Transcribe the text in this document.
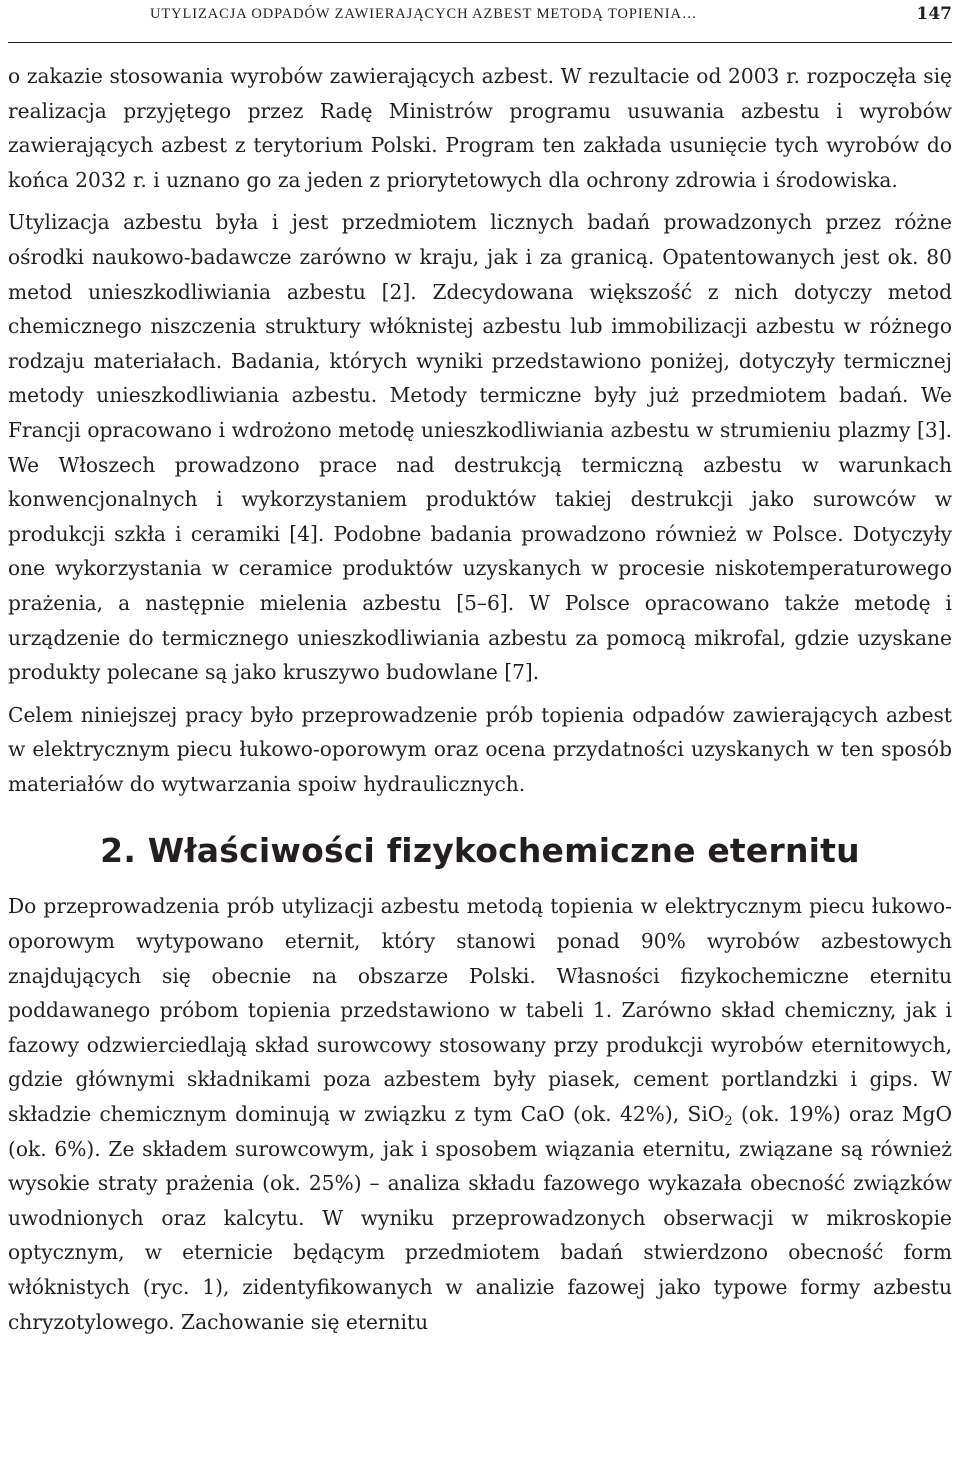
UTYLIZACJA ODPADÓW ZAWIERAJĄCYCH AZBEST METODĄ TOPIENIA…	147

o zakazie stosowania wyrobów zawierających azbest. W rezultacie od 2003 r. rozpoczęła się realizacja przyjętego przez Radę Ministrów programu usuwania azbestu i wyrobów zawierających azbest z terytorium Polski. Program ten zakłada usunięcie tych wyrobów do końca 2032 r. i uznano go za jeden z priorytetowych dla ochrony zdrowia i środowiska.

Utylizacja azbestu była i jest przedmiotem licznych badań prowadzonych przez różne ośrodki naukowo-badawcze zarówno w kraju, jak i za granicą. Opatentowanych jest ok. 80 metod unieszkodliwiania azbestu [2]. Zdecydowana większość z nich dotyczy metod chemicznego niszczenia struktury włóknistej azbestu lub immobilizacji azbestu w różnego rodzaju materiałach. Badania, których wyniki przedstawiono poniżej, dotyczyły termicznej metody unieszkodliwiania azbestu. Metody termiczne były już przedmiotem badań. We Francji opracowano i wdrożono metodę unieszkodliwiania azbestu w strumieniu plazmy [3]. We Włoszech prowadzono prace nad destrukcją termiczną azbestu w warunkach konwencjonalnych i wykorzystaniem produktów takiej destrukcji jako surowców w produkcji szkła i ceramiki [4]. Podobne badania prowadzono również w Polsce. Dotyczyły one wykorzystania w ceramice produktów uzyskanych w procesie niskotemperaturowego prażenia, a następnie mielenia azbestu [5–6]. W Polsce opracowano także metodę i urządzenie do termicznego unieszkodliwiania azbestu za pomocą mikrofal, gdzie uzyskane produkty polecane są jako kruszywo budowlane [7].

Celem niniejszej pracy było przeprowadzenie prób topienia odpadów zawierających azbest w elektrycznym piecu łukowo-oporowym oraz ocena przydatności uzyskanych w ten sposób materiałów do wytwarzania spoiw hydraulicznych.

2. Właściwości fizykochemiczne eternitu

Do przeprowadzenia prób utylizacji azbestu metodą topienia w elektrycznym piecu łukowo-oporowym wytypowano eternit, który stanowi ponad 90% wyrobów azbestowych znajdujących się obecnie na obszarze Polski. Własności fizykochemiczne eternitu poddawanego próbom topienia przedstawiono w tabeli 1. Zarówno skład chemiczny, jak i fazowy odzwierciedlają skład surowcowy stosowany przy produkcji wyrobów eternitowych, gdzie głównymi składnikami poza azbestem były piasek, cement portlandzki i gips. W składzie chemicznym dominują w związku z tym CaO (ok. 42%), SiO$_2$ (ok. 19%) oraz MgO (ok. 6%). Ze składem surowcowym, jak i sposobem wiązania eternitu, związane są również wysokie straty prażenia (ok. 25%) – analiza składu fazowego wykazała obecność związków uwodnionych oraz kalcytu. W wyniku przeprowadzonych obserwacji w mikroskopie optycznym, w eternicie będącym przedmiotem badań stwierdzono obecność form włóknistych (ryc. 1), zidentyfikowanych w analizie fazowej jako typowe formy azbestu chryzotylowego. Zachowanie się eternitu
